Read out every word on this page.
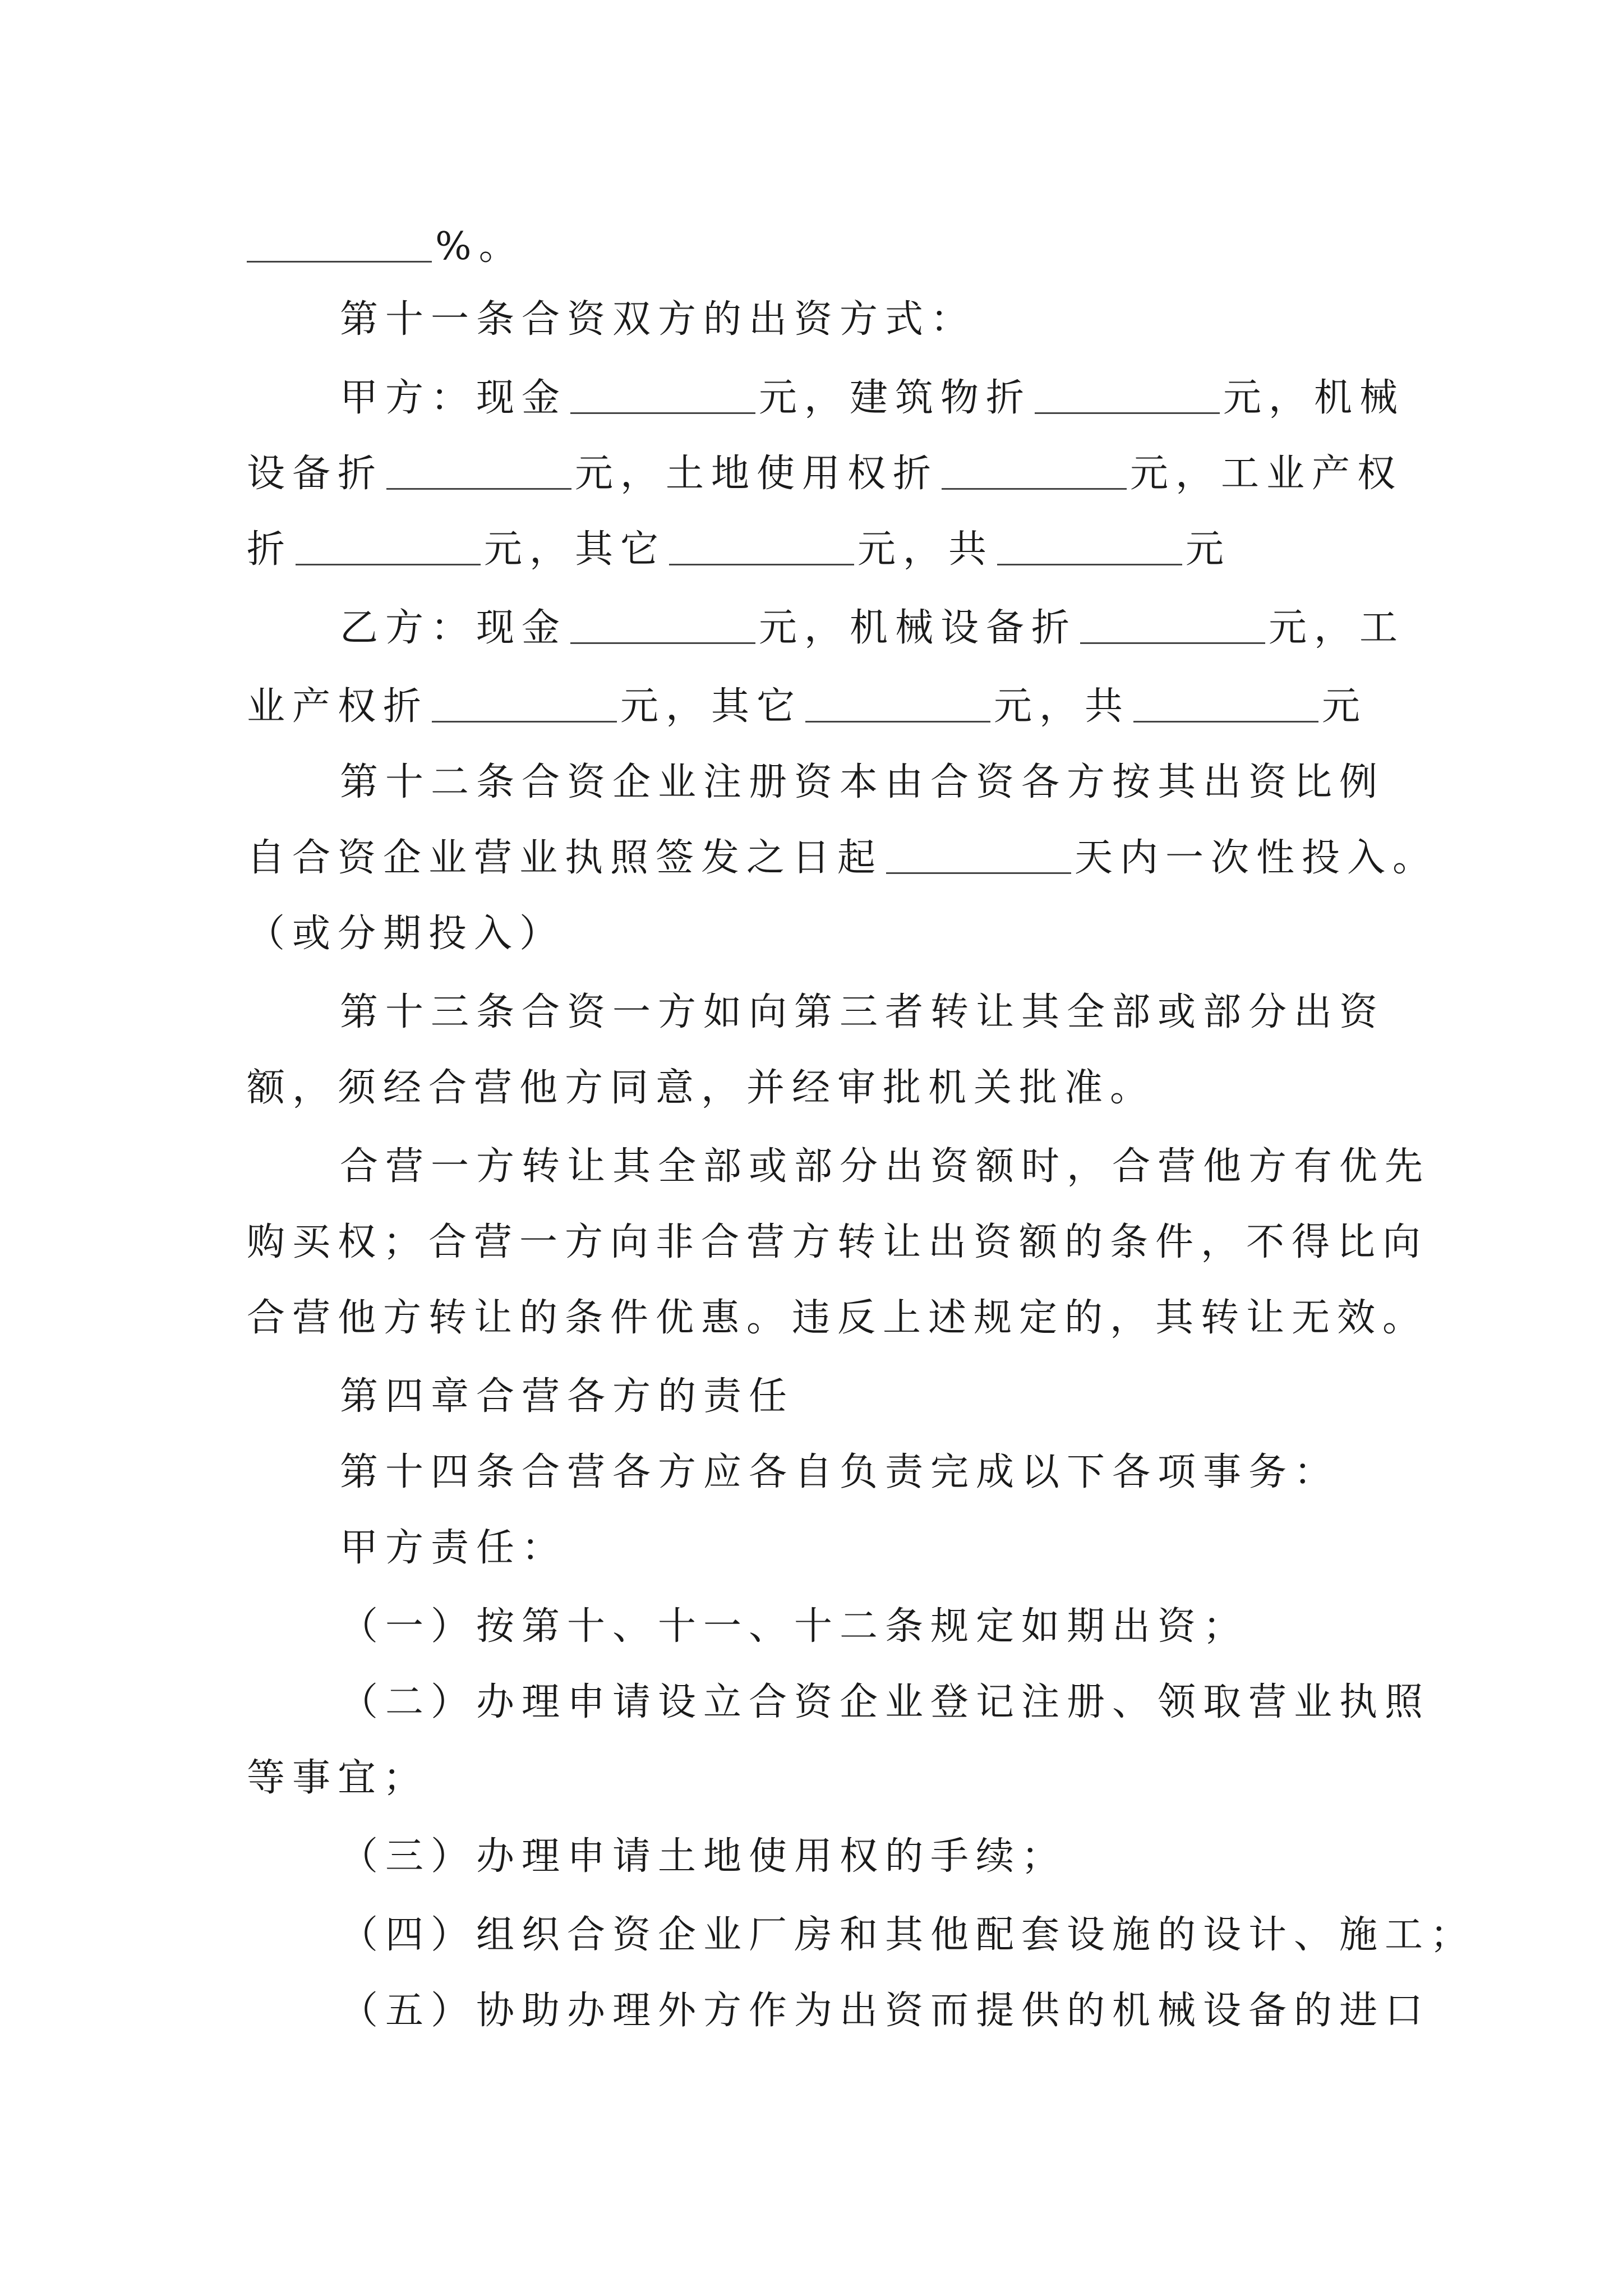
%。
第十一条合资双方的出资方式：
甲方：现金	元，建筑物折	元，机械
设备折	元，土地使用权折	元，工业产权
折	元，其它	元，共	元
乙方：现金	元，机械设备折	元，工
业产权折	元，其它	元，共	元
第十二条合资企业注册资本由合资各方按其出资比例
自合资企业营业执照签发之日起	天内一次性投入。
（或分期投入）
第十三条合资一方如向第三者转让其全部或部分出资
额，须经合营他方同意，并经审批机关批准。
合营一方转让其全部或部分出资额时，合营他方有优先
购买权；合营一方向非合营方转让出资额的条件，不得比向
合营他方转让的条件优惠。违反上述规定的，其转让无效。
第四章合营各方的责任
第十四条合营各方应各自负责完成以下各项事务：
甲方责任：
（一）按第十、十一、十二条规定如期出资；
（二）办理申请设立合资企业登记注册、领取营业执照
等事宜；
（三）办理申请土地使用权的手续；
（四）组织合资企业厂房和其他配套设施的设计、施工；
（五）协助办理外方作为出资而提供的机械设备的进口
